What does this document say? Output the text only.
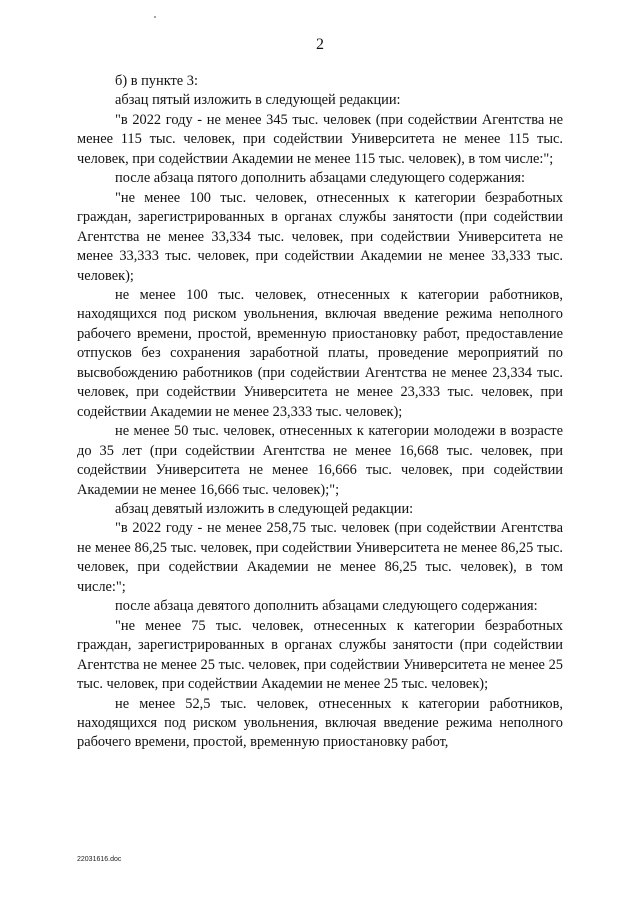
2

б) в пункте 3:

абзац пятый изложить в следующей редакции:

"в 2022 году - не менее 345 тыс. человек (при содействии Агентства не менее 115 тыс. человек, при содействии Университета не менее 115 тыс. человек, при содействии Академии не менее 115 тыс. человек), в том числе:";

после абзаца пятого дополнить абзацами следующего содержания:

"не менее 100 тыс. человек, отнесенных к категории безработных граждан, зарегистрированных в органах службы занятости (при содействии Агентства не менее 33,334 тыс. человек, при содействии Университета не менее 33,333 тыс. человек, при содействии Академии не менее 33,333 тыс. человек);

не менее 100 тыс. человек, отнесенных к категории работников, находящихся под риском увольнения, включая введение режима неполного рабочего времени, простой, временную приостановку работ, предоставление отпусков без сохранения заработной платы, проведение мероприятий по высвобождению работников (при содействии Агентства не менее 23,334 тыс. человек, при содействии Университета не менее 23,333 тыс. человек, при содействии Академии не менее 23,333 тыс. человек);

не менее 50 тыс. человек, отнесенных к категории молодежи в возрасте до 35 лет (при содействии Агентства не менее 16,668 тыс. человек, при содействии Университета не менее 16,666 тыс. человек, при содействии Академии не менее 16,666 тыс. человек);";

абзац девятый изложить в следующей редакции:

"в 2022 году - не менее 258,75 тыс. человек (при содействии Агентства не менее 86,25 тыс. человек, при содействии Университета не менее 86,25 тыс. человек, при содействии Академии не менее 86,25 тыс. человек), в том числе:";

после абзаца девятого дополнить абзацами следующего содержания:

"не менее 75 тыс. человек, отнесенных к категории безработных граждан, зарегистрированных в органах службы занятости (при содействии Агентства не менее 25 тыс. человек, при содействии Университета не менее 25 тыс. человек, при содействии Академии не менее 25 тыс. человек);

не менее 52,5 тыс. человек, отнесенных к категории работников, находящихся под риском увольнения, включая введение режима неполного рабочего времени, простой, временную приостановку работ,

22031616.doc
